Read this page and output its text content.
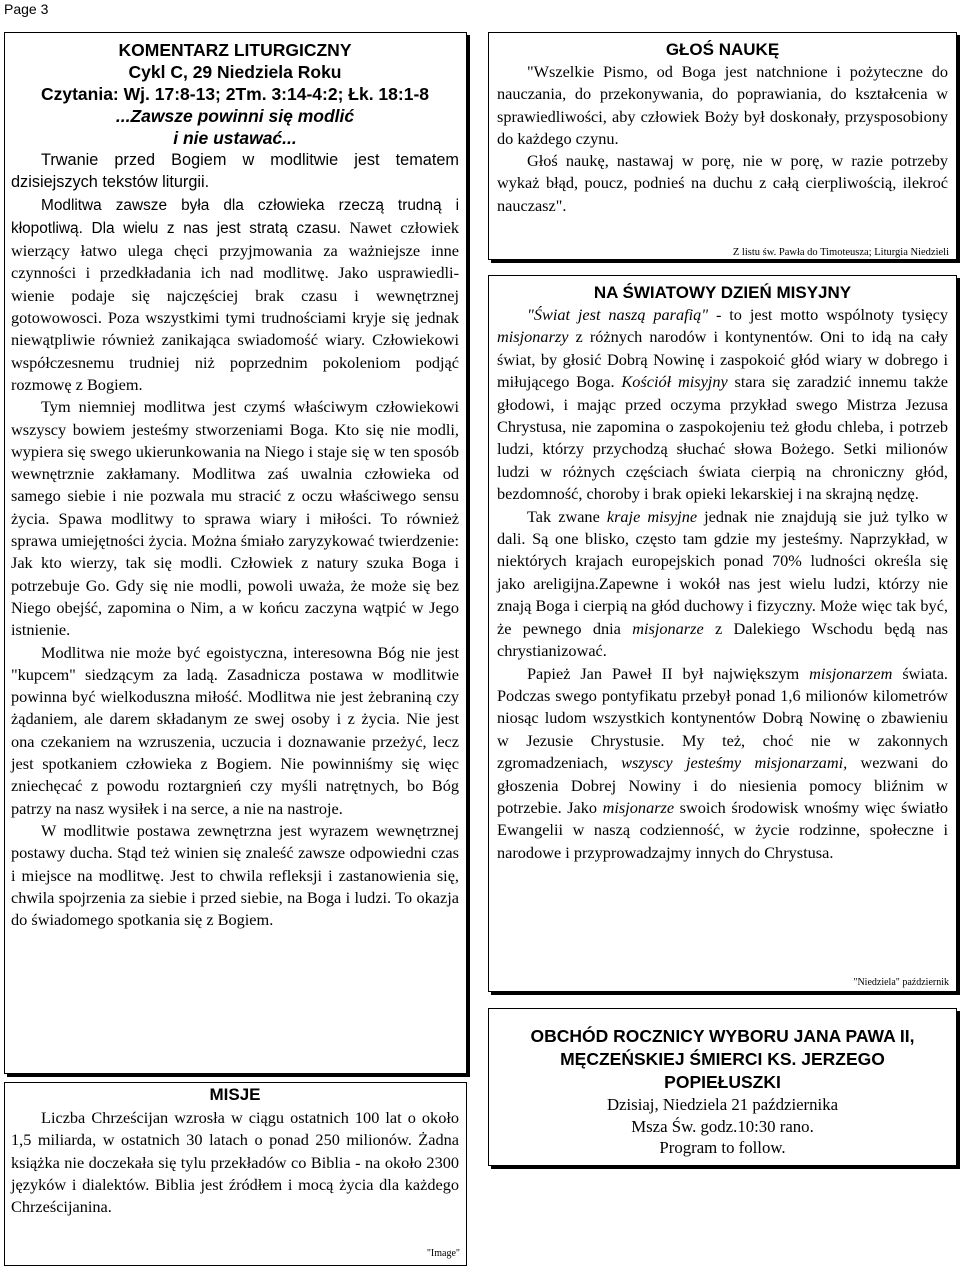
Page 3

KOMENTARZ LITURGICZNY

Cykl C, 29 Niedziela Roku

Czytania: Wj. 17:8-13; 2Tm. 3:14-4:2; Łk. 18:1-8

...Zawsze powinni się modlić

i nie ustawać...

Trwanie przed Bogiem w modlitwie jest tematem dzisiejszych tekstów liturgii.

Modlitwa zawsze była dla człowieka rzeczą trudną i kłopotliwą. Dla wielu z nas jest stratą czasu. Nawet człowiek wierzący łatwo ulega chęci przyjmowania za ważniejsze inne czynności i przedkładania ich nad modlitwę. Jako usprawiedli- wienie podaje się najczęściej brak czasu i wewnętrznej gotowowosci. Poza wszystkimi tymi trudnościami kryje się jednak niewątpliwie również zanikająca swiadomość wiary. Człowiekowi współczesnemu trudniej niż poprzednim pokoleniom podjąć rozmowę z Bogiem.

Tym niemniej modlitwa jest czymś właściwym człowiekowi wszyscy bowiem jesteśmy stworzeniami Boga. Kto się nie modli, wypiera się swego ukierunkowania na Niego i staje się w ten sposób wewnętrznie zakłamany. Modlitwa zaś uwalnia człowieka od samego siebie i nie pozwala mu stracić z oczu właściwego sensu życia. Spawa modlitwy to sprawa wiary i miłości. To również sprawa umiejętności życia. Można śmiało zaryzykować twierdzenie: Jak kto wierzy, tak się modli. Człowiek z natury szuka Boga i potrzebuje Go. Gdy się nie modli, powoli uważa, że może się bez Niego obejść, zapomina o Nim, a w końcu zaczyna wątpić w Jego istnienie.

Modlitwa nie może być egoistyczna, interesowna Bóg nie jest "kupcem" siedzącym za ladą. Zasadnicza postawa w modlitwie powinna być wielkoduszna miłość. Modlitwa nie jest żebraniną czy żądaniem, ale darem składanym ze swej osoby i z życia. Nie jest ona czekaniem na wzruszenia, uczucia i doznawanie przeżyć, lecz jest spotkaniem człowieka z Bogiem. Nie powinniśmy się więc zniechęcać z powodu roztargnień czy myśli natrętnych, bo Bóg patrzy na nasz wysiłek i na serce, a nie na nastroje.

W modlitwie postawa zewnętrzna jest wyrazem wewnętrznej postawy ducha. Stąd też winien się znaleść zawsze odpowiedni czas i miejsce na modlitwę. Jest to chwila refleksji i zastanowienia się, chwila spojrzenia za siebie i przed siebie, na Boga i ludzi. To okazja do świadomego spotkania się z Bogiem.

MISJE

Liczba Chrześcijan wzrosła w ciągu ostatnich 100 lat o około 1,5 miliarda, w ostatnich 30 latach o ponad 250 milionów. Żadna książka nie doczekała się tylu przekładów co Biblia - na około 2300 języków i dialektów. Biblia jest źródłem i mocą życia dla każdego Chrześcijanina.

"Image"

GŁOŚ NAUKĘ

"Wszelkie Pismo, od Boga jest natchnione i pożyteczne do nauczania, do przekonywania, do poprawiania, do kształcenia w sprawiedliwości, aby człowiek Boży był doskonały, przysposobiony do każdego czynu.

Głoś naukę, nastawaj w porę, nie w porę, w razie potrzeby wykaż błąd, poucz, podnieś na duchu z całą cierpliwością, ilekroć nauczasz".

Z listu św. Pawła do Timoteusza; Liturgia Niedzieli

NA ŚWIATOWY DZIEŃ MISYJNY

"Świat jest naszą parafią" - to jest motto wspólnoty tysięcy misjonarzy z różnych narodów i kontynentów. Oni to idą na cały świat, by głosić Dobrą Nowinę i zaspokoić głód wiary w dobrego i miłującego Boga. Kościół misyjny stara się zaradzić innemu także głodowi, i mając przed oczyma przykład swego Mistrza Jezusa Chrystusa, nie zapomina o zaspokojeniu też głodu chleba, i potrzeb ludzi, którzy przychodzą słuchać słowa Bożego. Setki milionów ludzi w różnych częściach świata cierpią na chroniczny głód, bezdomność, choroby i brak opieki lekarskiej i na skrajną nędzę.

Tak zwane kraje misyjne jednak nie znajdują sie już tylko w dali. Są one blisko, często tam gdzie my jesteśmy. Naprzykład, w niektórych krajach europejskich ponad 70% ludności określa się jako areligijna.Zapewne i wokół nas jest wielu ludzi, którzy nie znają Boga i cierpią na głód duchowy i fizyczny. Może więc tak być, że pewnego dnia misjonarze z Dalekiego Wschodu będą nas chrystianizować.

Papież Jan Paweł II był największym misjonarzem świata. Podczas swego pontyfikatu przebył ponad 1,6 milionów kilometrów niosąc ludom wszystkich kontynentów Dobrą Nowinę o zbawieniu w Jezusie Chrystusie. My też, choć nie w zakonnych zgromadzeniach, wszyscy jesteśmy misjonarzami, wezwani do głoszenia Dobrej Nowiny i do niesienia pomocy bliźnim w potrzebie. Jako misjonarze swoich środowisk wnośmy więc światło Ewangelii w naszą codzienność, w życie rodzinne, społeczne i narodowe i przyprowadzajmy innych do Chrystusa.

"Niedziela" październik

OBCHÓD ROCZNICY WYBORU JANA PAWA II,

MĘCZEŃSKIEJ ŚMIERCI KS. JERZEGO

POPIEŁUSZKI

Dzisiaj, Niedziela 21 października

Msza Św. godz.10:30 rano.

Program to follow.
